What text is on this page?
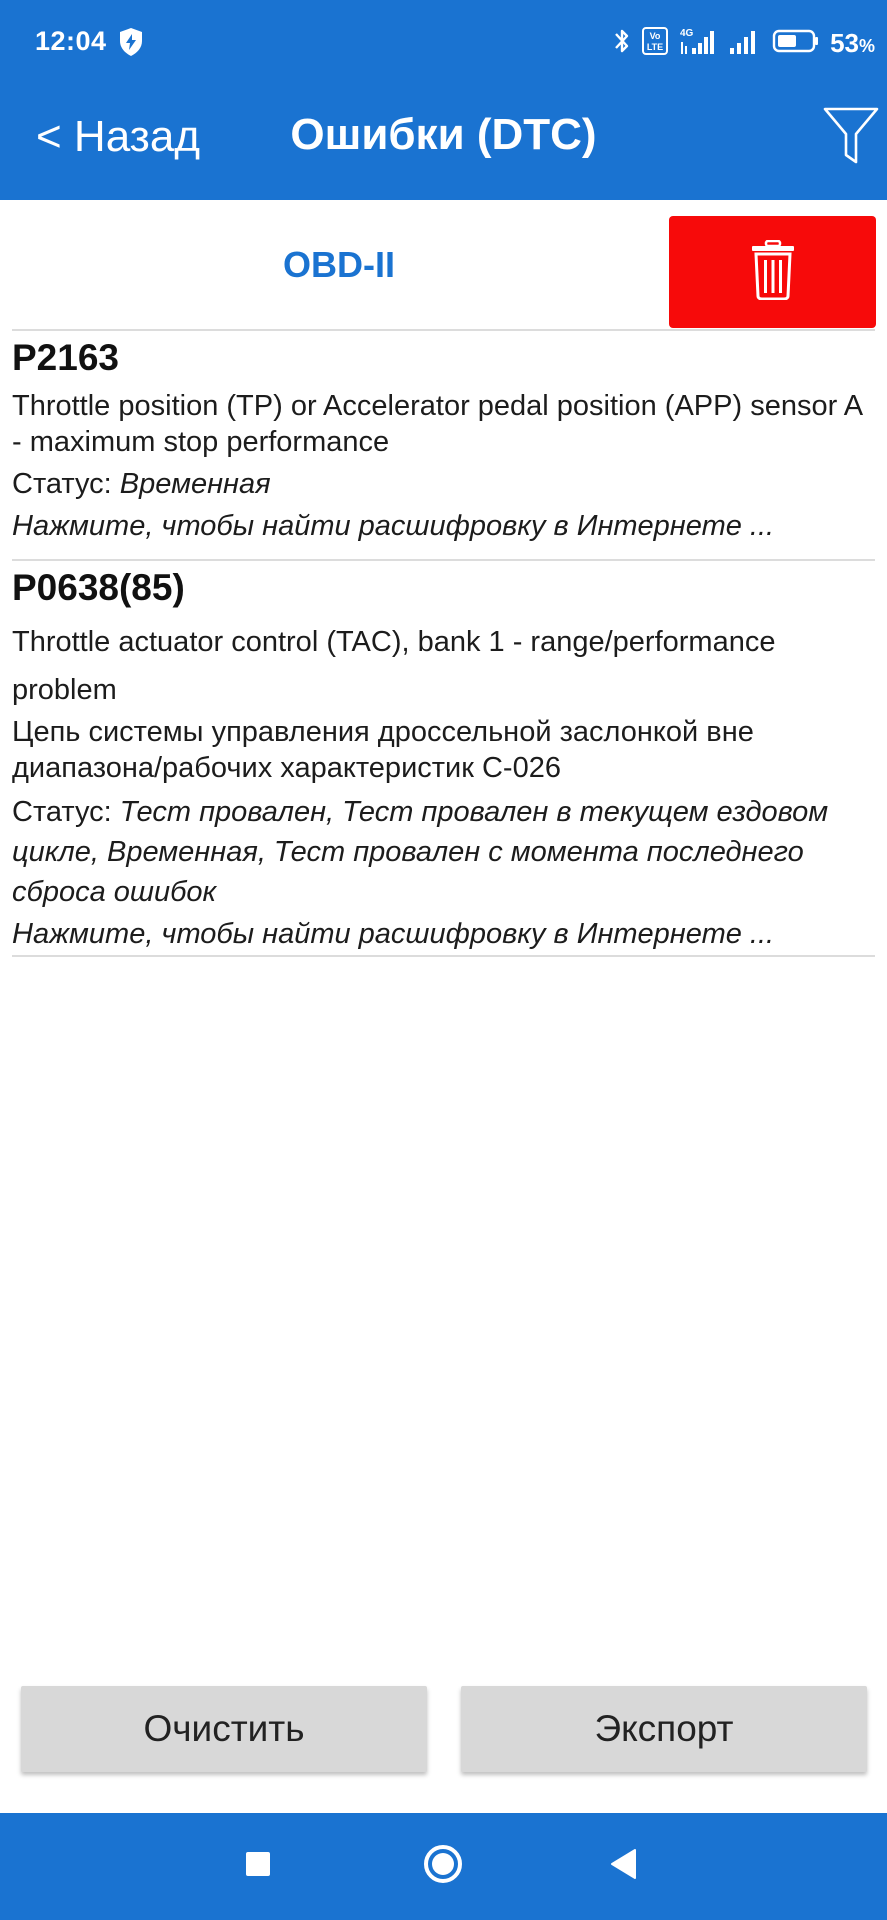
12:04	Vo
LTE
4G	53%
< Назад	Ошибки (DTC)
OBD-II
P2163
Throttle position (TP) or Accelerator pedal position (APP) sensor A - maximum stop performance
Статус: Временная
Нажмите, чтобы найти расшифровку в Интернете ...
P0638(85)
Throttle actuator control (TAC), bank 1 - range/performance problem
Цепь системы управления дроссельной заслонкой вне диапазона/рабочих характеристик С-026
Статус: Тест провален, Тест провален в текущем ездовом цикле, Временная, Тест провален с момента последнего сброса ошибок
Нажмите, чтобы найти расшифровку в Интернете ...
Очистить	Экспорт
